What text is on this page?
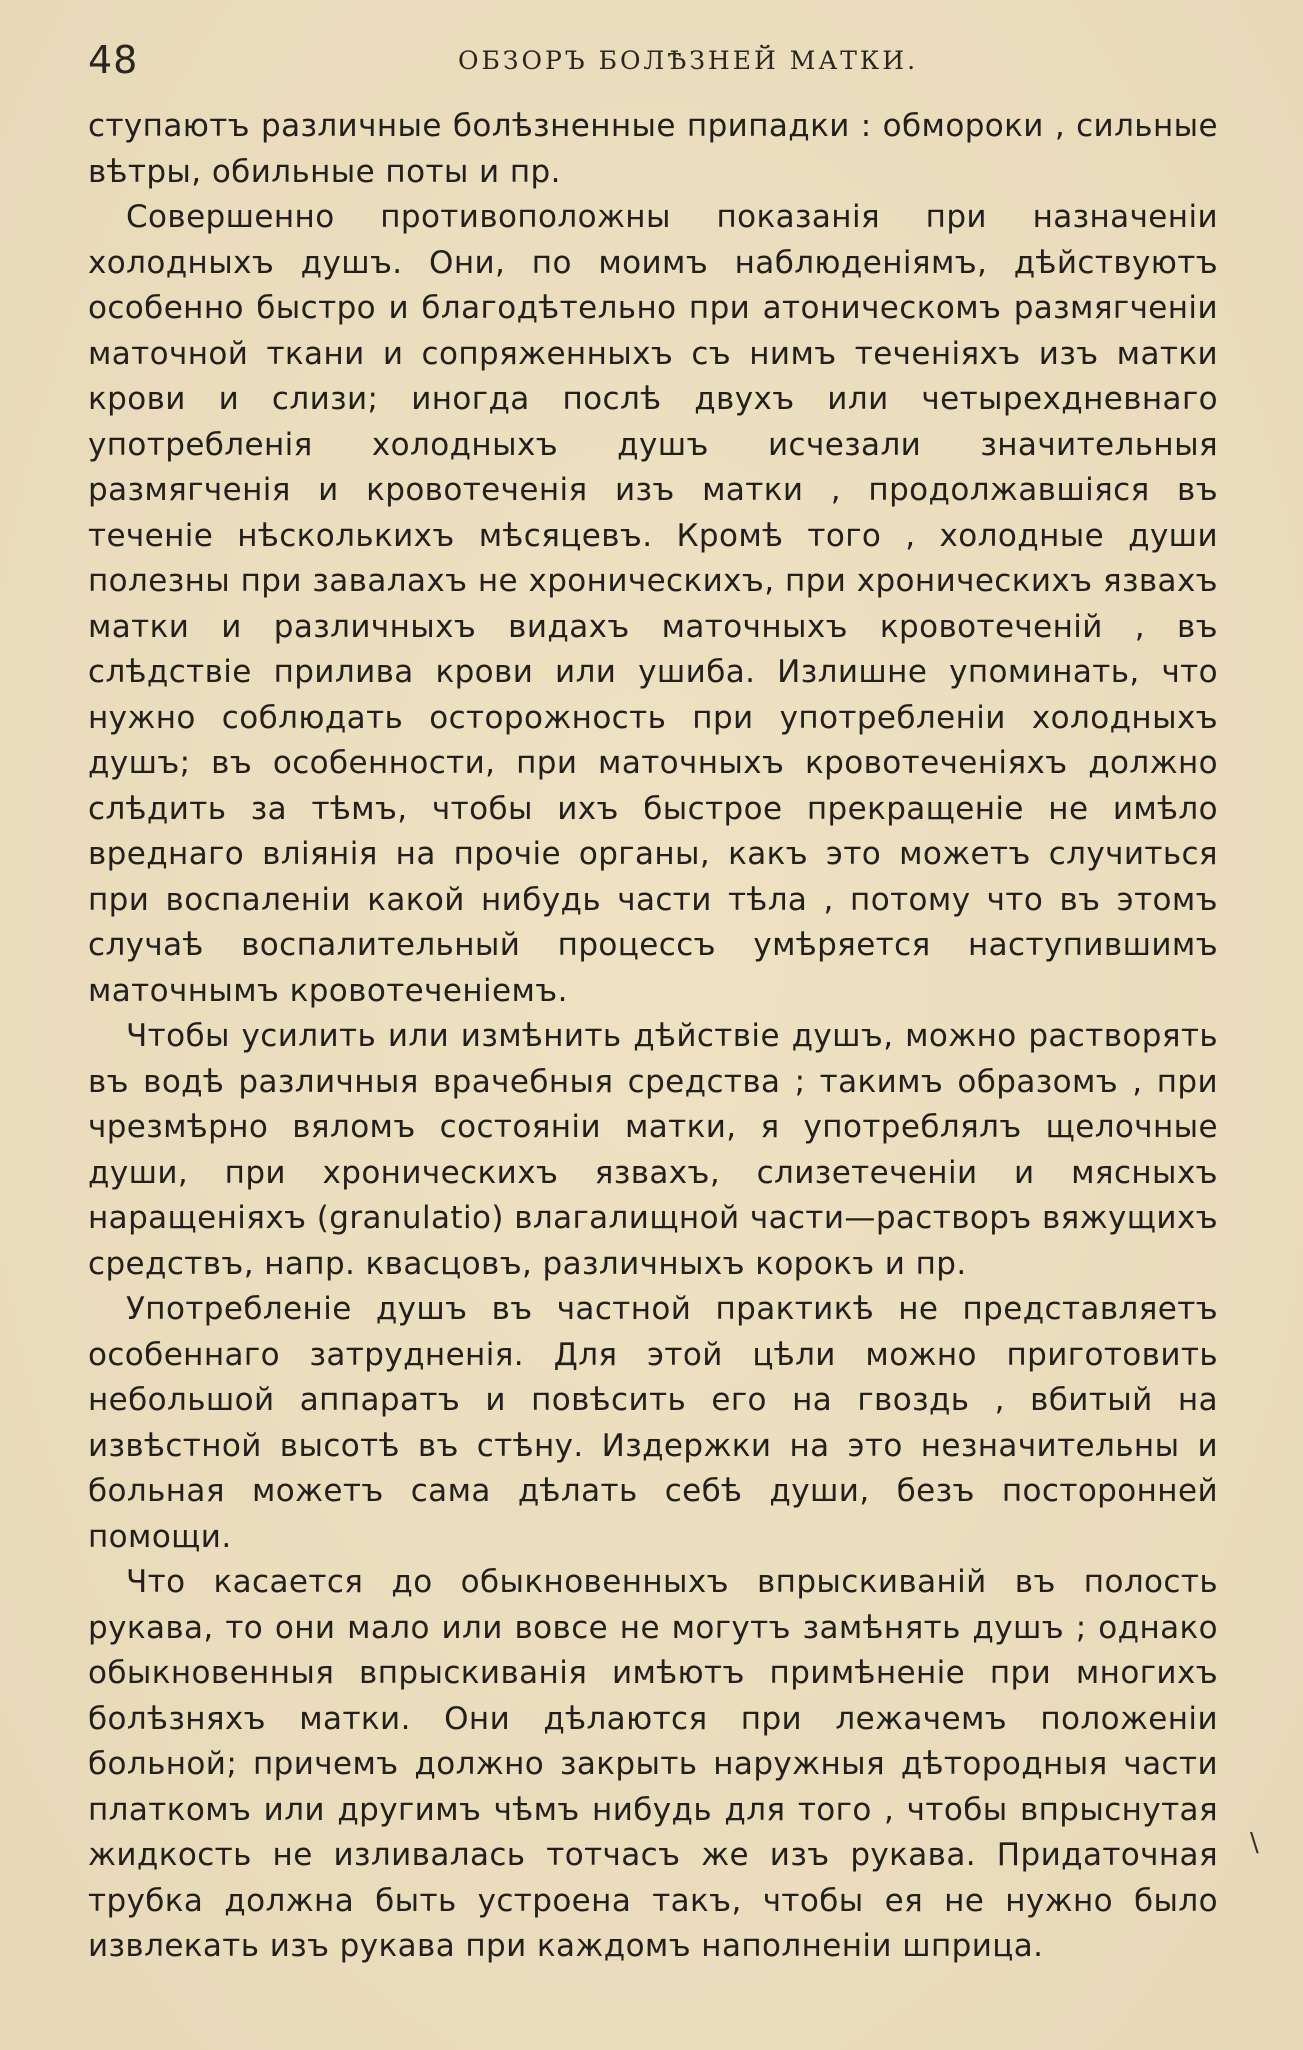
48	ОБЗОРЪ БОЛѢЗНЕЙ МАТКИ.

ступаютъ различные болѣзненные припадки : обмороки , сильные вѣтры, обильные поты и пр.

Совершенно противоположны показанія при назначеніи холодныхъ душъ. Они, по моимъ наблюденіямъ, дѣйствуютъ особенно быстро и благодѣтельно при атоническомъ размягченіи маточной ткани и сопряженныхъ съ нимъ теченіяхъ изъ матки крови и слизи; иногда послѣ двухъ или четырехдневнаго употребленія холодныхъ душъ исчезали значительныя размягченія и кровотеченія изъ матки , продолжавшіяся въ теченіе нѣсколькихъ мѣсяцевъ. Кромѣ того , холодные души полезны при завалахъ не хроническихъ, при хроническихъ язвахъ матки и различныхъ видахъ маточныхъ кровотеченій , въ слѣдствіе прилива крови или ушиба. Излишне упоминать, что нужно соблюдать осторожность при употребленіи холодныхъ душъ; въ особенности, при маточныхъ кровотеченіяхъ должно слѣдить за тѣмъ, чтобы ихъ быстрое прекращеніе не имѣло вреднаго вліянія на прочіе органы, какъ это можетъ случиться при воспаленіи какой нибудь части тѣла , потому что въ этомъ случаѣ воспалительный процессъ умѣряется наступившимъ маточнымъ кровотеченіемъ.

Чтобы усилить или измѣнить дѣйствіе душъ, можно растворять въ водѣ различныя врачебныя средства ; такимъ образомъ , при чрезмѣрно вяломъ состояніи матки, я употреблялъ щелочные души, при хроническихъ язвахъ, слизетеченіи и мясныхъ наращеніяхъ (granulatio) влагалищной части—растворъ вяжущихъ средствъ, напр. квасцовъ, различныхъ корокъ и пр.

Употребленіе душъ въ частной практикѣ не представляетъ особеннаго затрудненія. Для этой цѣли можно приготовить небольшой аппаратъ и повѣсить его на гвоздь , вбитый на извѣстной высотѣ въ стѣну. Издержки на это незначительны и больная можетъ сама дѣлать себѣ души, безъ посторонней помощи.

Что касается до обыкновенныхъ впрыскиваній въ полость рукава, то они мало или вовсе не могутъ замѣнять душъ ; однако обыкновенныя впрыскиванія имѣютъ примѣненіе при многихъ болѣзняхъ матки. Они дѣлаются при лежачемъ положеніи больной; причемъ должно закрыть наружныя дѣтородныя части платкомъ или другимъ чѣмъ нибудь для того , чтобы впрыснутая жидкость не изливалась тотчасъ же изъ рукава. Придаточная трубка должна быть устроена такъ, чтобы ея не нужно было извлекать изъ рукава при каждомъ наполненіи шприца.

\
